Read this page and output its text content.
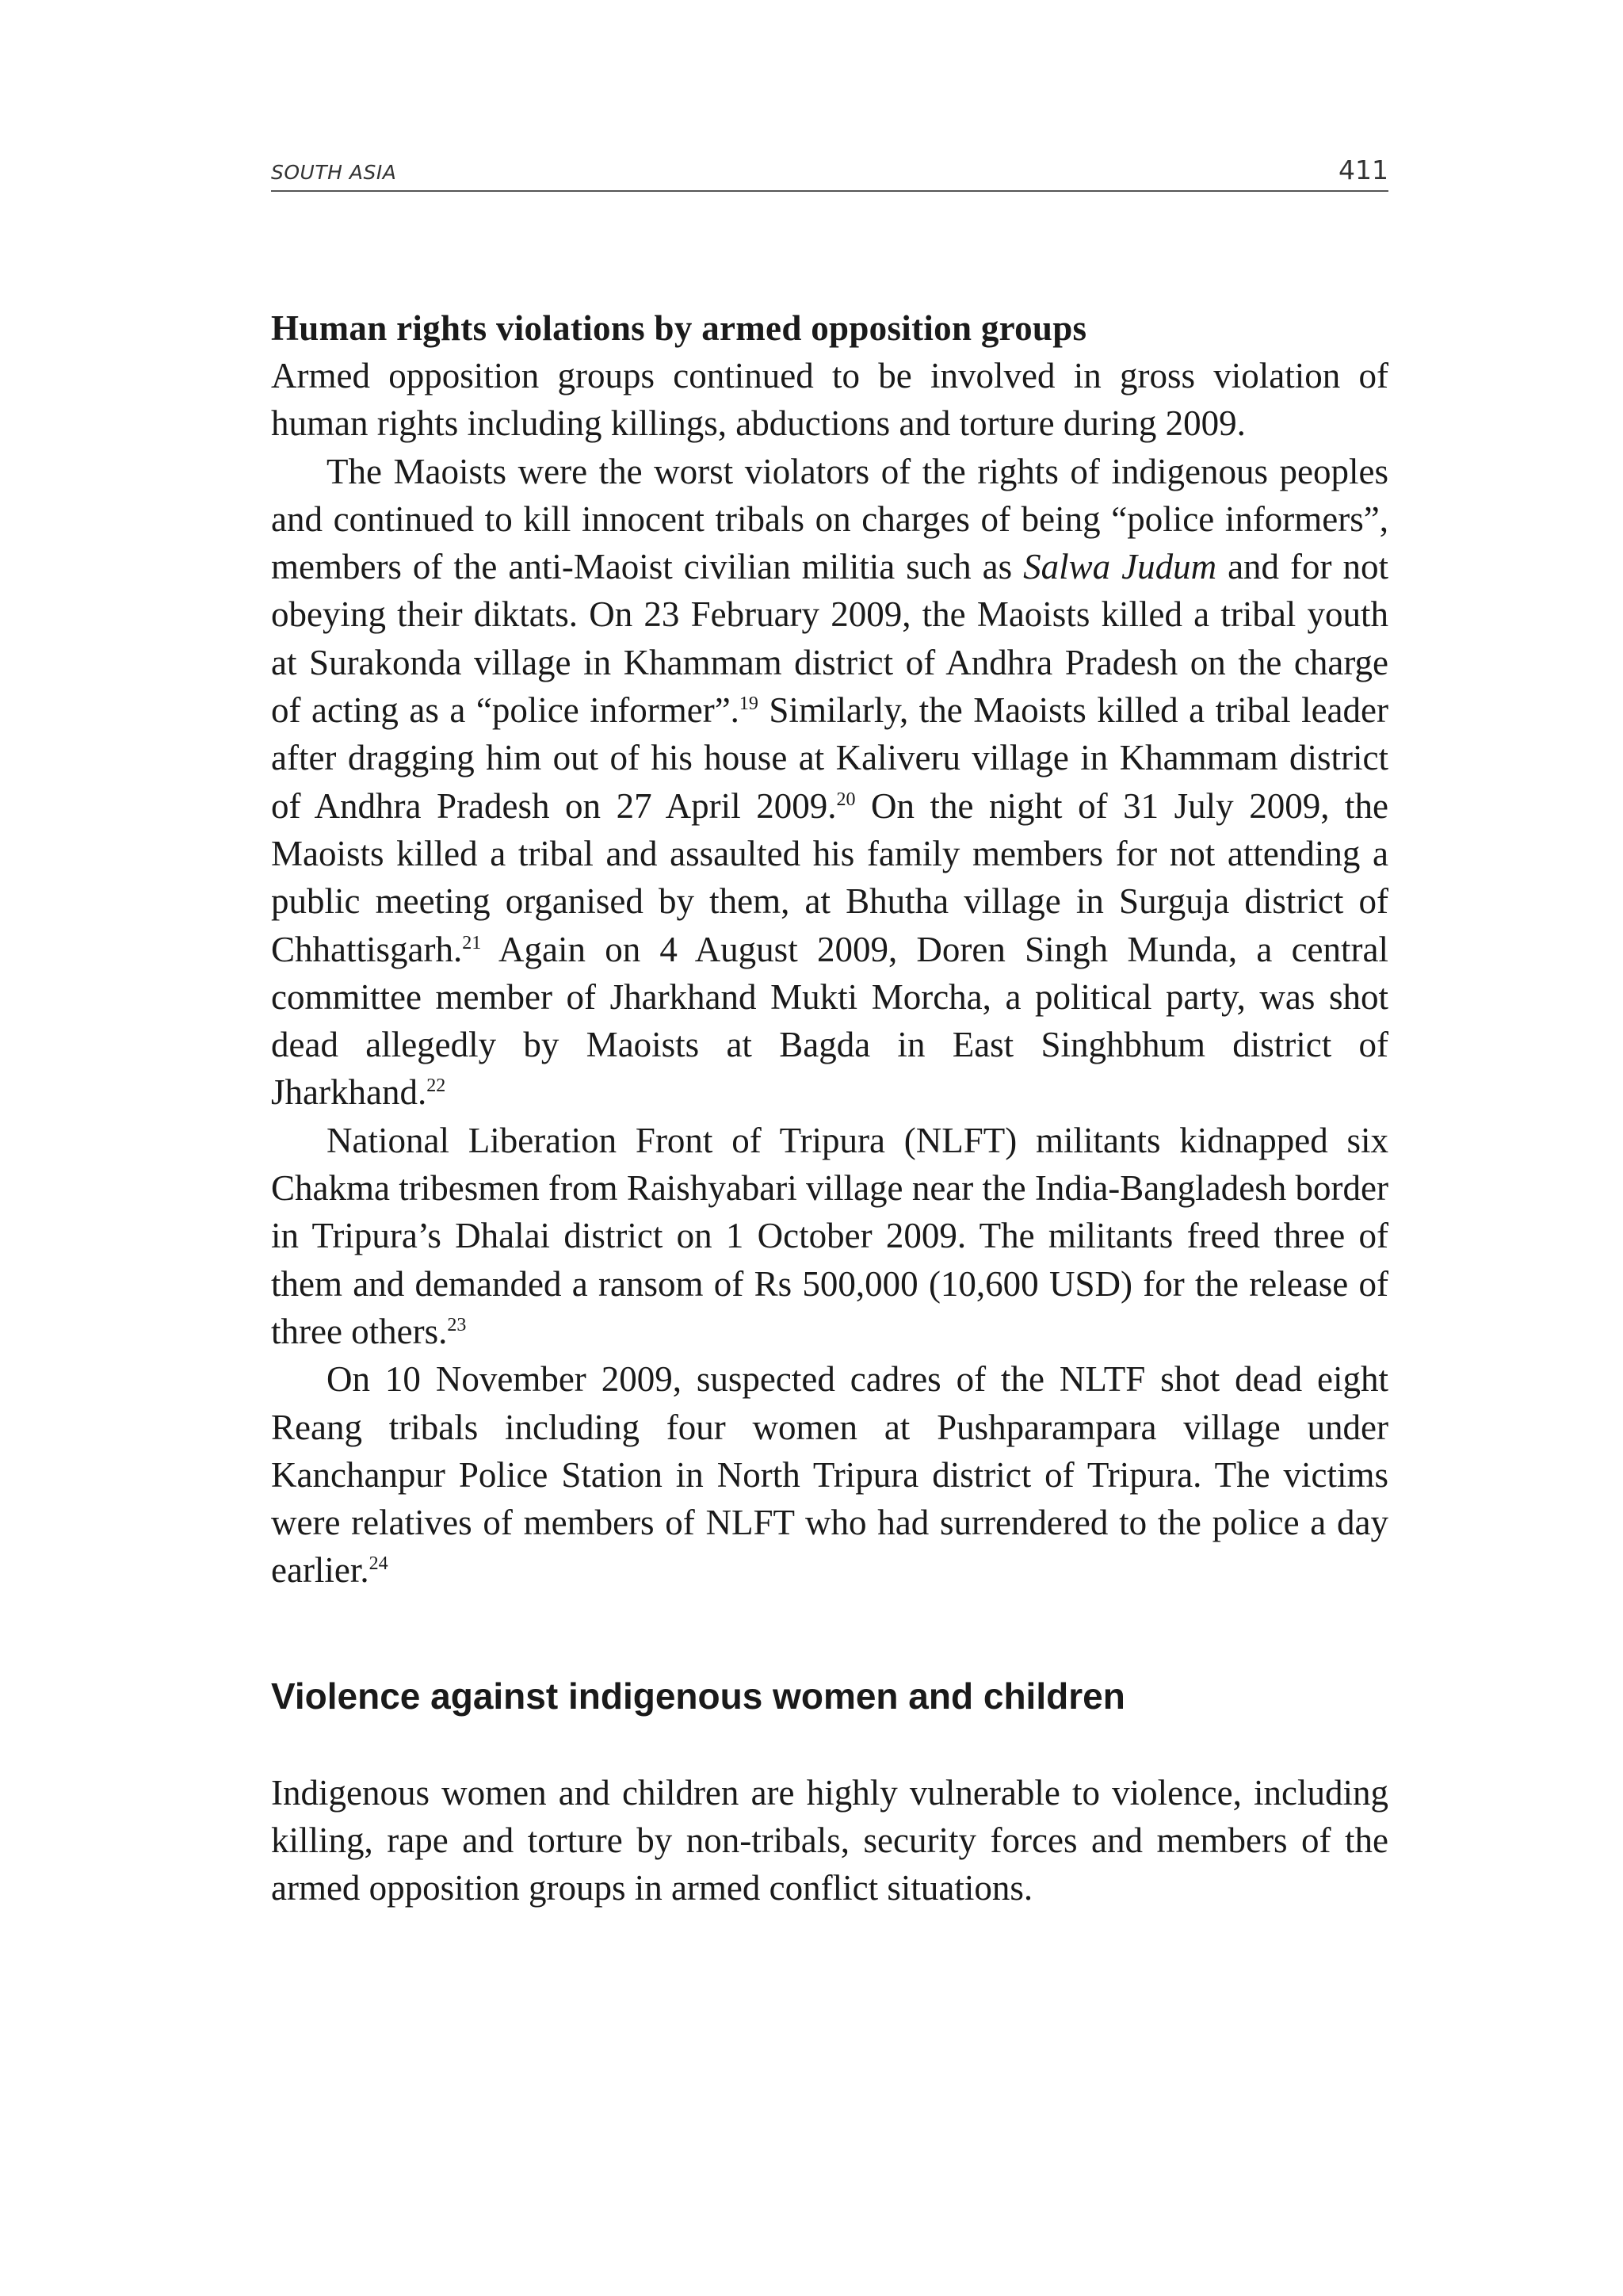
SOUTH ASIA	411
Human rights violations by armed opposition groups

Armed opposition groups continued to be involved in gross violation of human rights including killings, abductions and torture during 2009.

The Maoists were the worst violators of the rights of indigenous peoples and continued to kill innocent tribals on charges of being “police informers”, members of the anti-Maoist civilian militia such as Salwa Judum and for not obeying their diktats. On 23 February 2009, the Maoists killed a tribal youth at Surakonda village in Khammam district of Andhra Pradesh on the charge of acting as a “police informer”.$^{19}$ Similarly, the Maoists killed a tribal leader after dragging him out of his house at Kaliveru village in Khammam district of Andhra Pradesh on 27 April 2009.20 On the night of 31 July 2009, the Maoists killed a tribal and assaulted his family members for not attending a public meeting organised by them, at Bhutha village in Surguja district of Chhattisgarh.$^{21}$ Again on 4 August 2009, Doren Singh Munda, a central committee member of Jharkhand Mukti Morcha, a political party, was shot dead allegedly by Maoists at Bagda in East Singhbhum district of Jharkhand.$^{22}$

National Liberation Front of Tripura (NLFT) militants kidnapped six Chakma tribesmen from Raishyabari village near the India-Bangladesh border in Tripura’s Dhalai district on 1 October 2009. The militants freed three of them and demanded a ransom of Rs 500,000 (10,600 USD) for the release of three others.$^{23}$

On 10 November 2009, suspected cadres of the NLTF shot dead eight Reang tribals including four women at Pushparampara village under Kanchanpur Police Station in North Tripura district of Tripura. The victims were relatives of members of NLFT who had surrendered to the police a day earlier.$^{24}$

Violence against indigenous women and children

Indigenous women and children are highly vulnerable to violence, including killing, rape and torture by non-tribals, security forces and members of the armed opposition groups in armed conflict situations.
